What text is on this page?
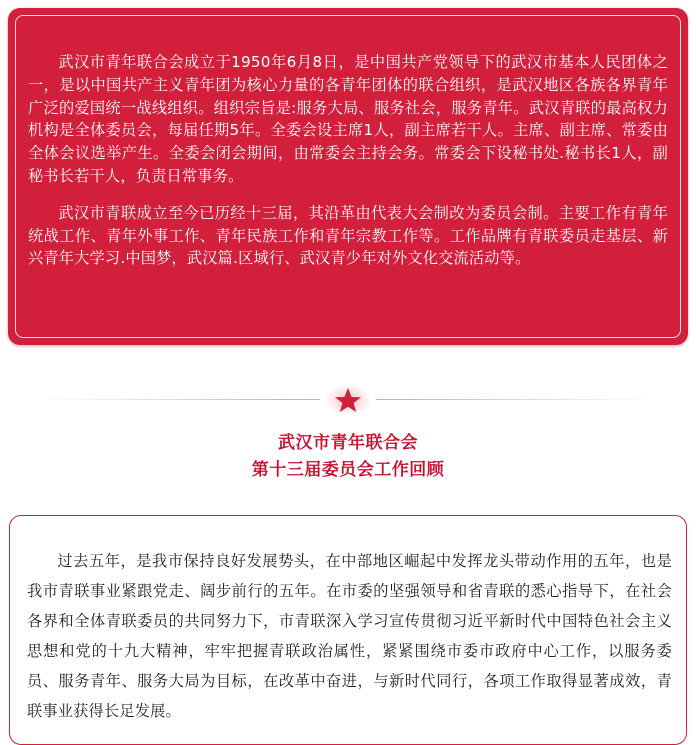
武汉市青年联合会成立于1950年6月8日，是中国共产党领导下的武汉市基本人民团体之一，是以中国共产主义青年团为核心力量的各青年团体的联合组织，是武汉地区各族各界青年广泛的爱国统一战线组织。组织宗旨是:服务大局、服务社会，服务青年。武汉青联的最高权力机构是全体委员会，每届任期5年。全委会设主席1人，副主席若干人。主席、副主席、常委由全体会议选举产生。全委会闭会期间，由常委会主持会务。常委会下设秘书处.秘书长1人，副秘书长若干人，负责日常事务。

武汉市青联成立至今已历经十三届，其沿革由代表大会制改为委员会制。主要工作有青年统战工作、青年外事工作、青年民族工作和青年宗教工作等。工作品牌有青联委员走基层、新兴青年大学习.中国梦，武汉篇.区域行、武汉青少年对外文化交流活动等。

武汉市青年联合会
第十三届委员会工作回顾

过去五年，是我市保持良好发展势头，在中部地区崛起中发挥龙头带动作用的五年，也是我市青联事业紧跟党走、阔步前行的五年。在市委的坚强领导和省青联的悉心指导下，在社会各界和全体青联委员的共同努力下，市青联深入学习宣传贯彻习近平新时代中国特色社会主义思想和党的十九大精神，牢牢把握青联政治属性，紧紧围绕市委市政府中心工作，以服务委员、服务青年、服务大局为目标，在改革中奋进，与新时代同行，各项工作取得显著成效，青联事业获得长足发展。
